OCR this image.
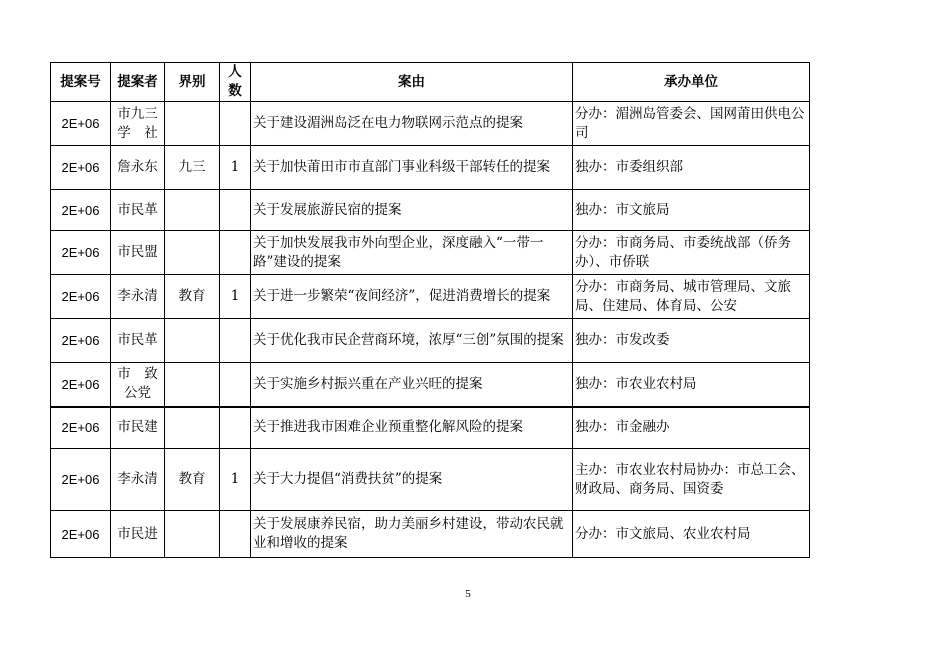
提案号	提案者	界别	人数	案由	承办单位
2E+06	市九三学　社			关于建设湄洲岛泛在电力物联网示范点的提案	分办：湄洲岛管委会、国网莆田供电公司
2E+06	詹永东	九三	1	关于加快莆田市市直部门事业科级干部转任的提案	独办：市委组织部
2E+06	市民革			关于发展旅游民宿的提案	独办：市文旅局
2E+06	市民盟			关于加快发展我市外向型企业，深度融入“一带一路”建设的提案	分办：市商务局、市委统战部（侨务办）、市侨联
2E+06	李永清	教育	1	关于进一步繁荣“夜间经济”，促进消费增长的提案	分办：市商务局、城市管理局、文旅局、住建局、体育局、公安
2E+06	市民革			关于优化我市民企营商环境，浓厚“三创”氛围的提案	独办：市发改委
2E+06	市　致公党			关于实施乡村振兴重在产业兴旺的提案	独办：市农业农村局
2E+06	市民建			关于推进我市困难企业预重整化解风险的提案	独办：市金融办
2E+06	李永清	教育	1	关于大力提倡“消费扶贫”的提案	主办：市农业农村局协办：市总工会、财政局、商务局、国资委
2E+06	市民进			关于发展康养民宿，助力美丽乡村建设，带动农民就业和增收的提案	分办：市文旅局、农业农村局
5
